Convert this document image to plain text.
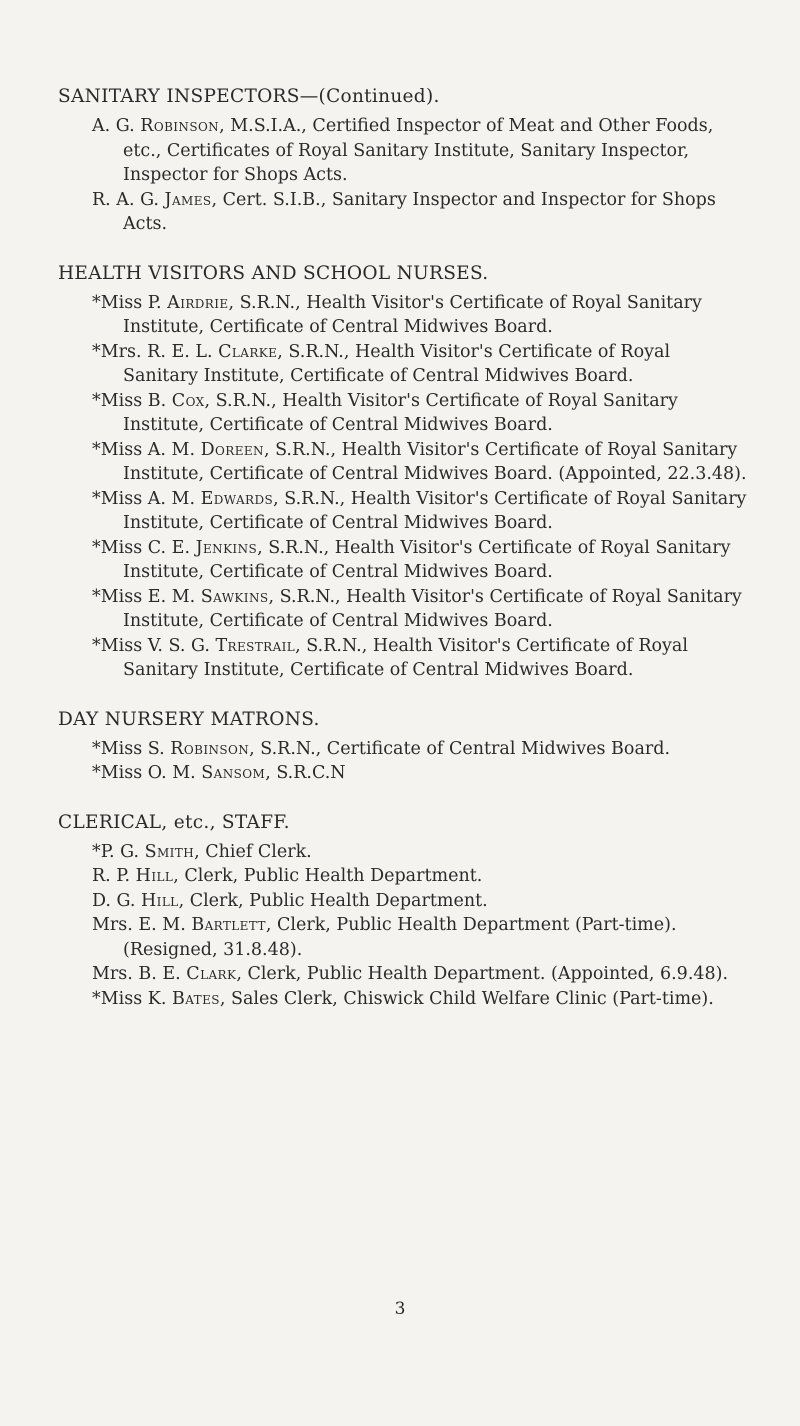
SANITARY INSPECTORS—(Continued).

A. G. Robinson, M.S.I.A., Certified Inspector of Meat and Other Foods, etc., Certificates of Royal Sanitary Institute, Sanitary Inspector, Inspector for Shops Acts.

R. A. G. James, Cert. S.I.B., Sanitary Inspector and Inspector for Shops Acts.

HEALTH VISITORS AND SCHOOL NURSES.

*Miss P. Airdrie, S.R.N., Health Visitor's Certificate of Royal Sanitary Institute, Certificate of Central Midwives Board.

*Mrs. R. E. L. Clarke, S.R.N., Health Visitor's Certificate of Royal Sanitary Institute, Certificate of Central Midwives Board.

*Miss B. Cox, S.R.N., Health Visitor's Certificate of Royal Sanitary Institute, Certificate of Central Midwives Board.

*Miss A. M. Doreen, S.R.N., Health Visitor's Certificate of Royal Sanitary Institute, Certificate of Central Midwives Board. (Appointed, 22.3.48).

*Miss A. M. Edwards, S.R.N., Health Visitor's Certificate of Royal Sanitary Institute, Certificate of Central Midwives Board.

*Miss C. E. Jenkins, S.R.N., Health Visitor's Certificate of Royal Sanitary Institute, Certificate of Central Midwives Board.

*Miss E. M. Sawkins, S.R.N., Health Visitor's Certificate of Royal Sanitary Institute, Certificate of Central Midwives Board.

*Miss V. S. G. Trestrail, S.R.N., Health Visitor's Certificate of Royal Sanitary Institute, Certificate of Central Midwives Board.

DAY NURSERY MATRONS.

*Miss S. Robinson, S.R.N., Certificate of Central Midwives Board.

*Miss O. M. Sansom, S.R.C.N

CLERICAL, etc., STAFF.

*P. G. Smith, Chief Clerk.

R. P. Hill, Clerk, Public Health Department.

D. G. Hill, Clerk, Public Health Department.

Mrs. E. M. Bartlett, Clerk, Public Health Department (Part-time). (Resigned, 31.8.48).

Mrs. B. E. Clark, Clerk, Public Health Department. (Appointed, 6.9.48).

*Miss K. Bates, Sales Clerk, Chiswick Child Welfare Clinic (Part-time).

3
